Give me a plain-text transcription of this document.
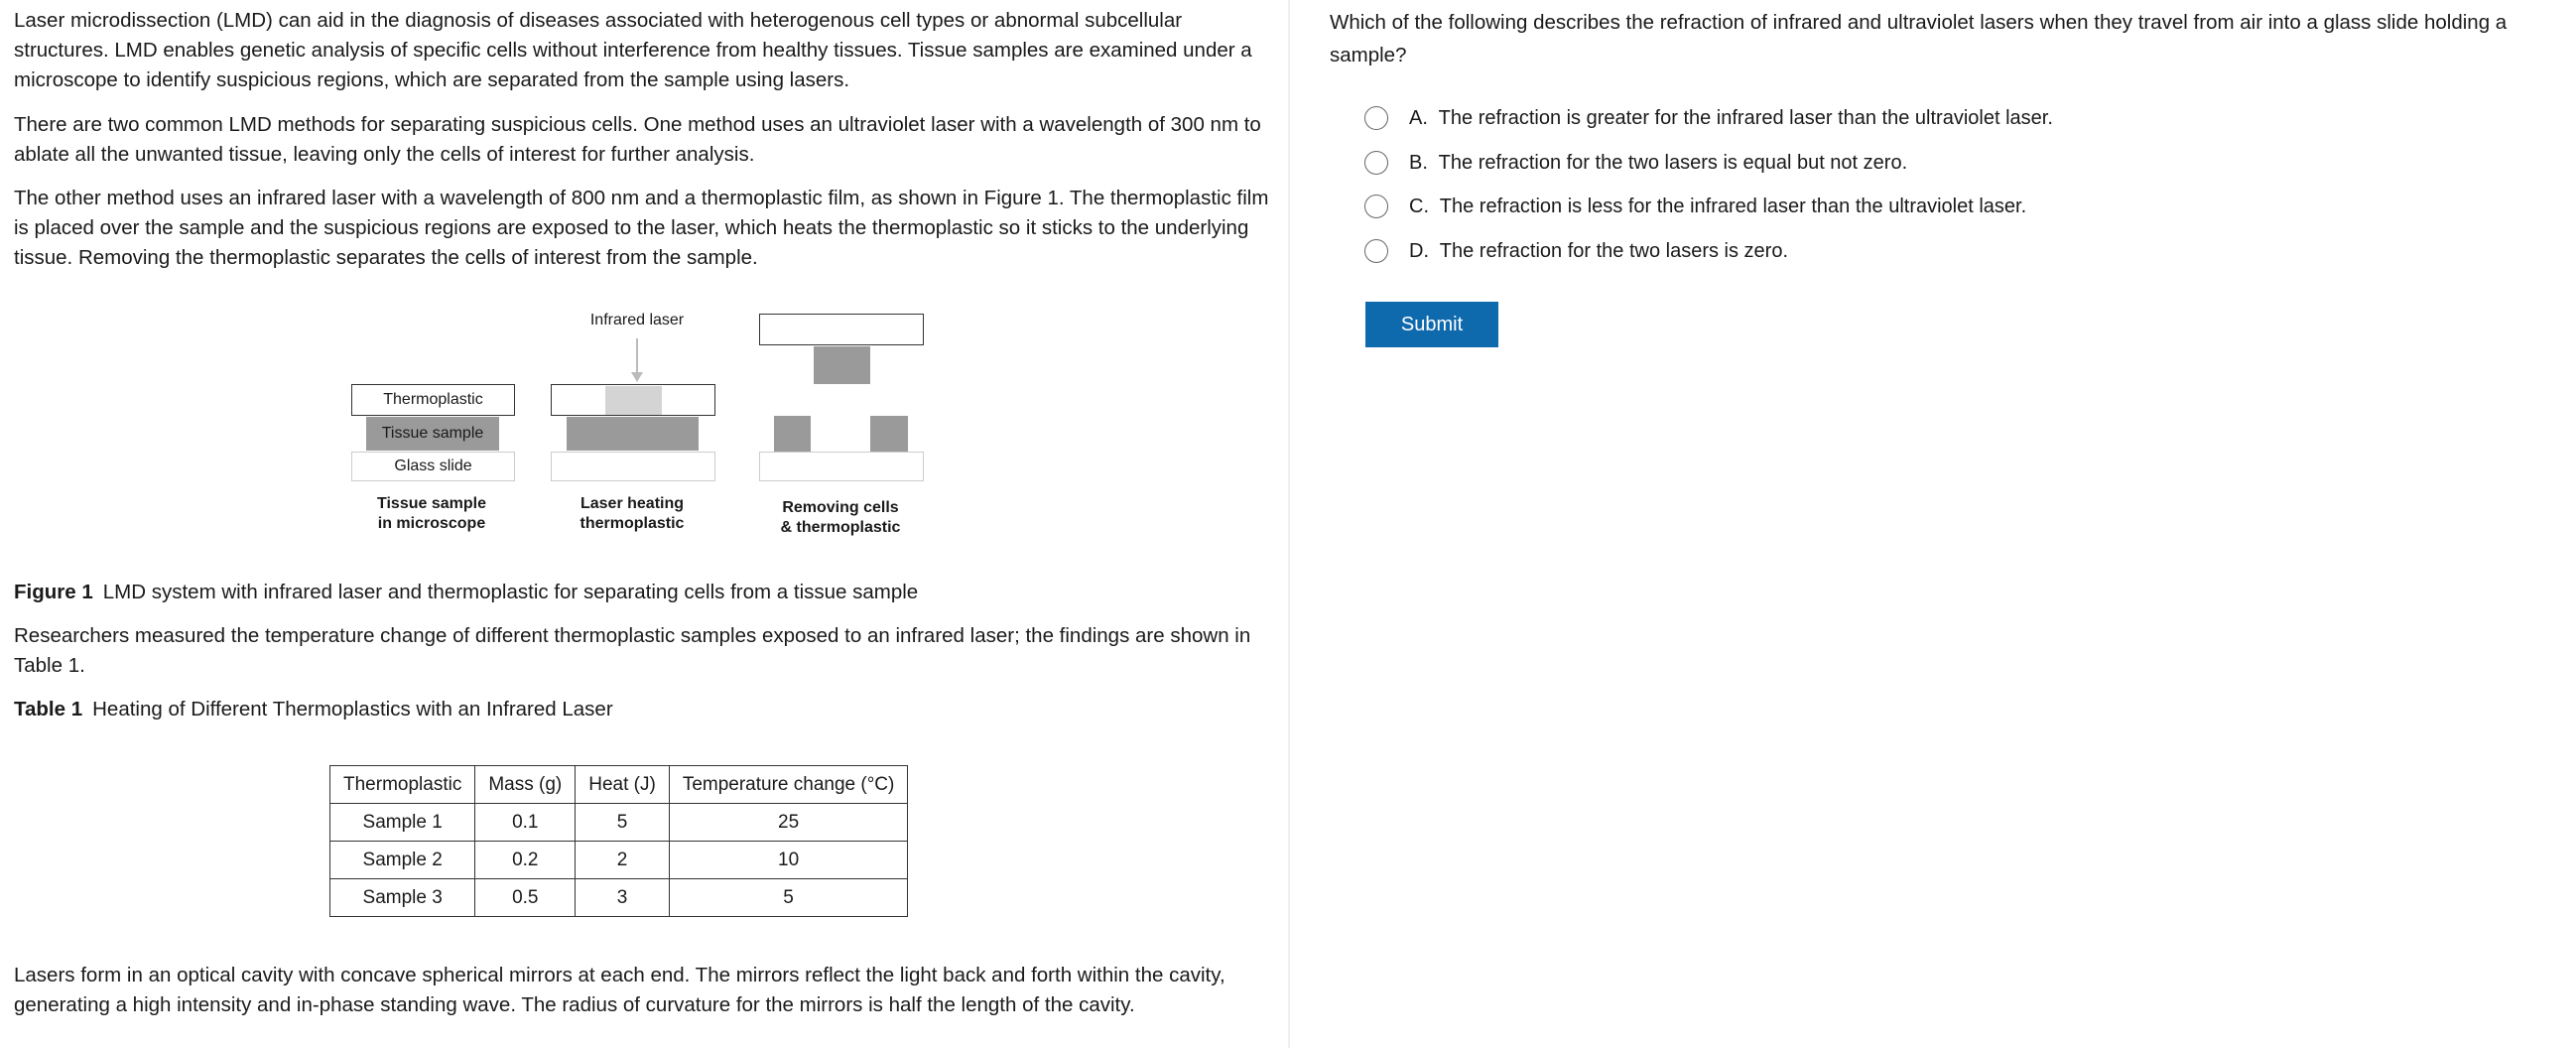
Laser microdissection (LMD) can aid in the diagnosis of diseases associated with heterogenous cell types or abnormal subcellular structures. LMD enables genetic analysis of specific cells without interference from healthy tissues. Tissue samples are examined under a microscope to identify suspicious regions, which are separated from the sample using lasers.

There are two common LMD methods for separating suspicious cells. One method uses an ultraviolet laser with a wavelength of 300 nm to ablate all the unwanted tissue, leaving only the cells of interest for further analysis.

The other method uses an infrared laser with a wavelength of 800 nm and a thermoplastic film, as shown in Figure 1. The thermoplastic film is placed over the sample and the suspicious regions are exposed to the laser, which heats the thermoplastic so it sticks to the underlying tissue. Removing the thermoplastic separates the cells of interest from the sample.

Thermoplastic
Tissue sample
Glass slide
Tissue sample
in microscope
Infrared laser
Laser heating
thermoplastic
Removing cells
& thermoplastic

Figure 1 LMD system with infrared laser and thermoplastic for separating cells from a tissue sample

Researchers measured the temperature change of different thermoplastic samples exposed to an infrared laser; the findings are shown in Table 1.

Table 1 Heating of Different Thermoplastics with an Infrared Laser

Thermoplastic	Mass (g)	Heat (J)	Temperature change (°C)
Sample 1	0.1	5	25
Sample 2	0.2	2	10
Sample 3	0.5	3	5

Lasers form in an optical cavity with concave spherical mirrors at each end. The mirrors reflect the light back and forth within the cavity, generating a high intensity and in-phase standing wave. The radius of curvature for the mirrors is half the length of the cavity.

Which of the following describes the refraction of infrared and ultraviolet lasers when they travel from air into a glass slide holding a sample?

A. The refraction is greater for the infrared laser than the ultraviolet laser.
B. The refraction for the two lasers is equal but not zero.
C. The refraction is less for the infrared laser than the ultraviolet laser.
D. The refraction for the two lasers is zero.
Submit
